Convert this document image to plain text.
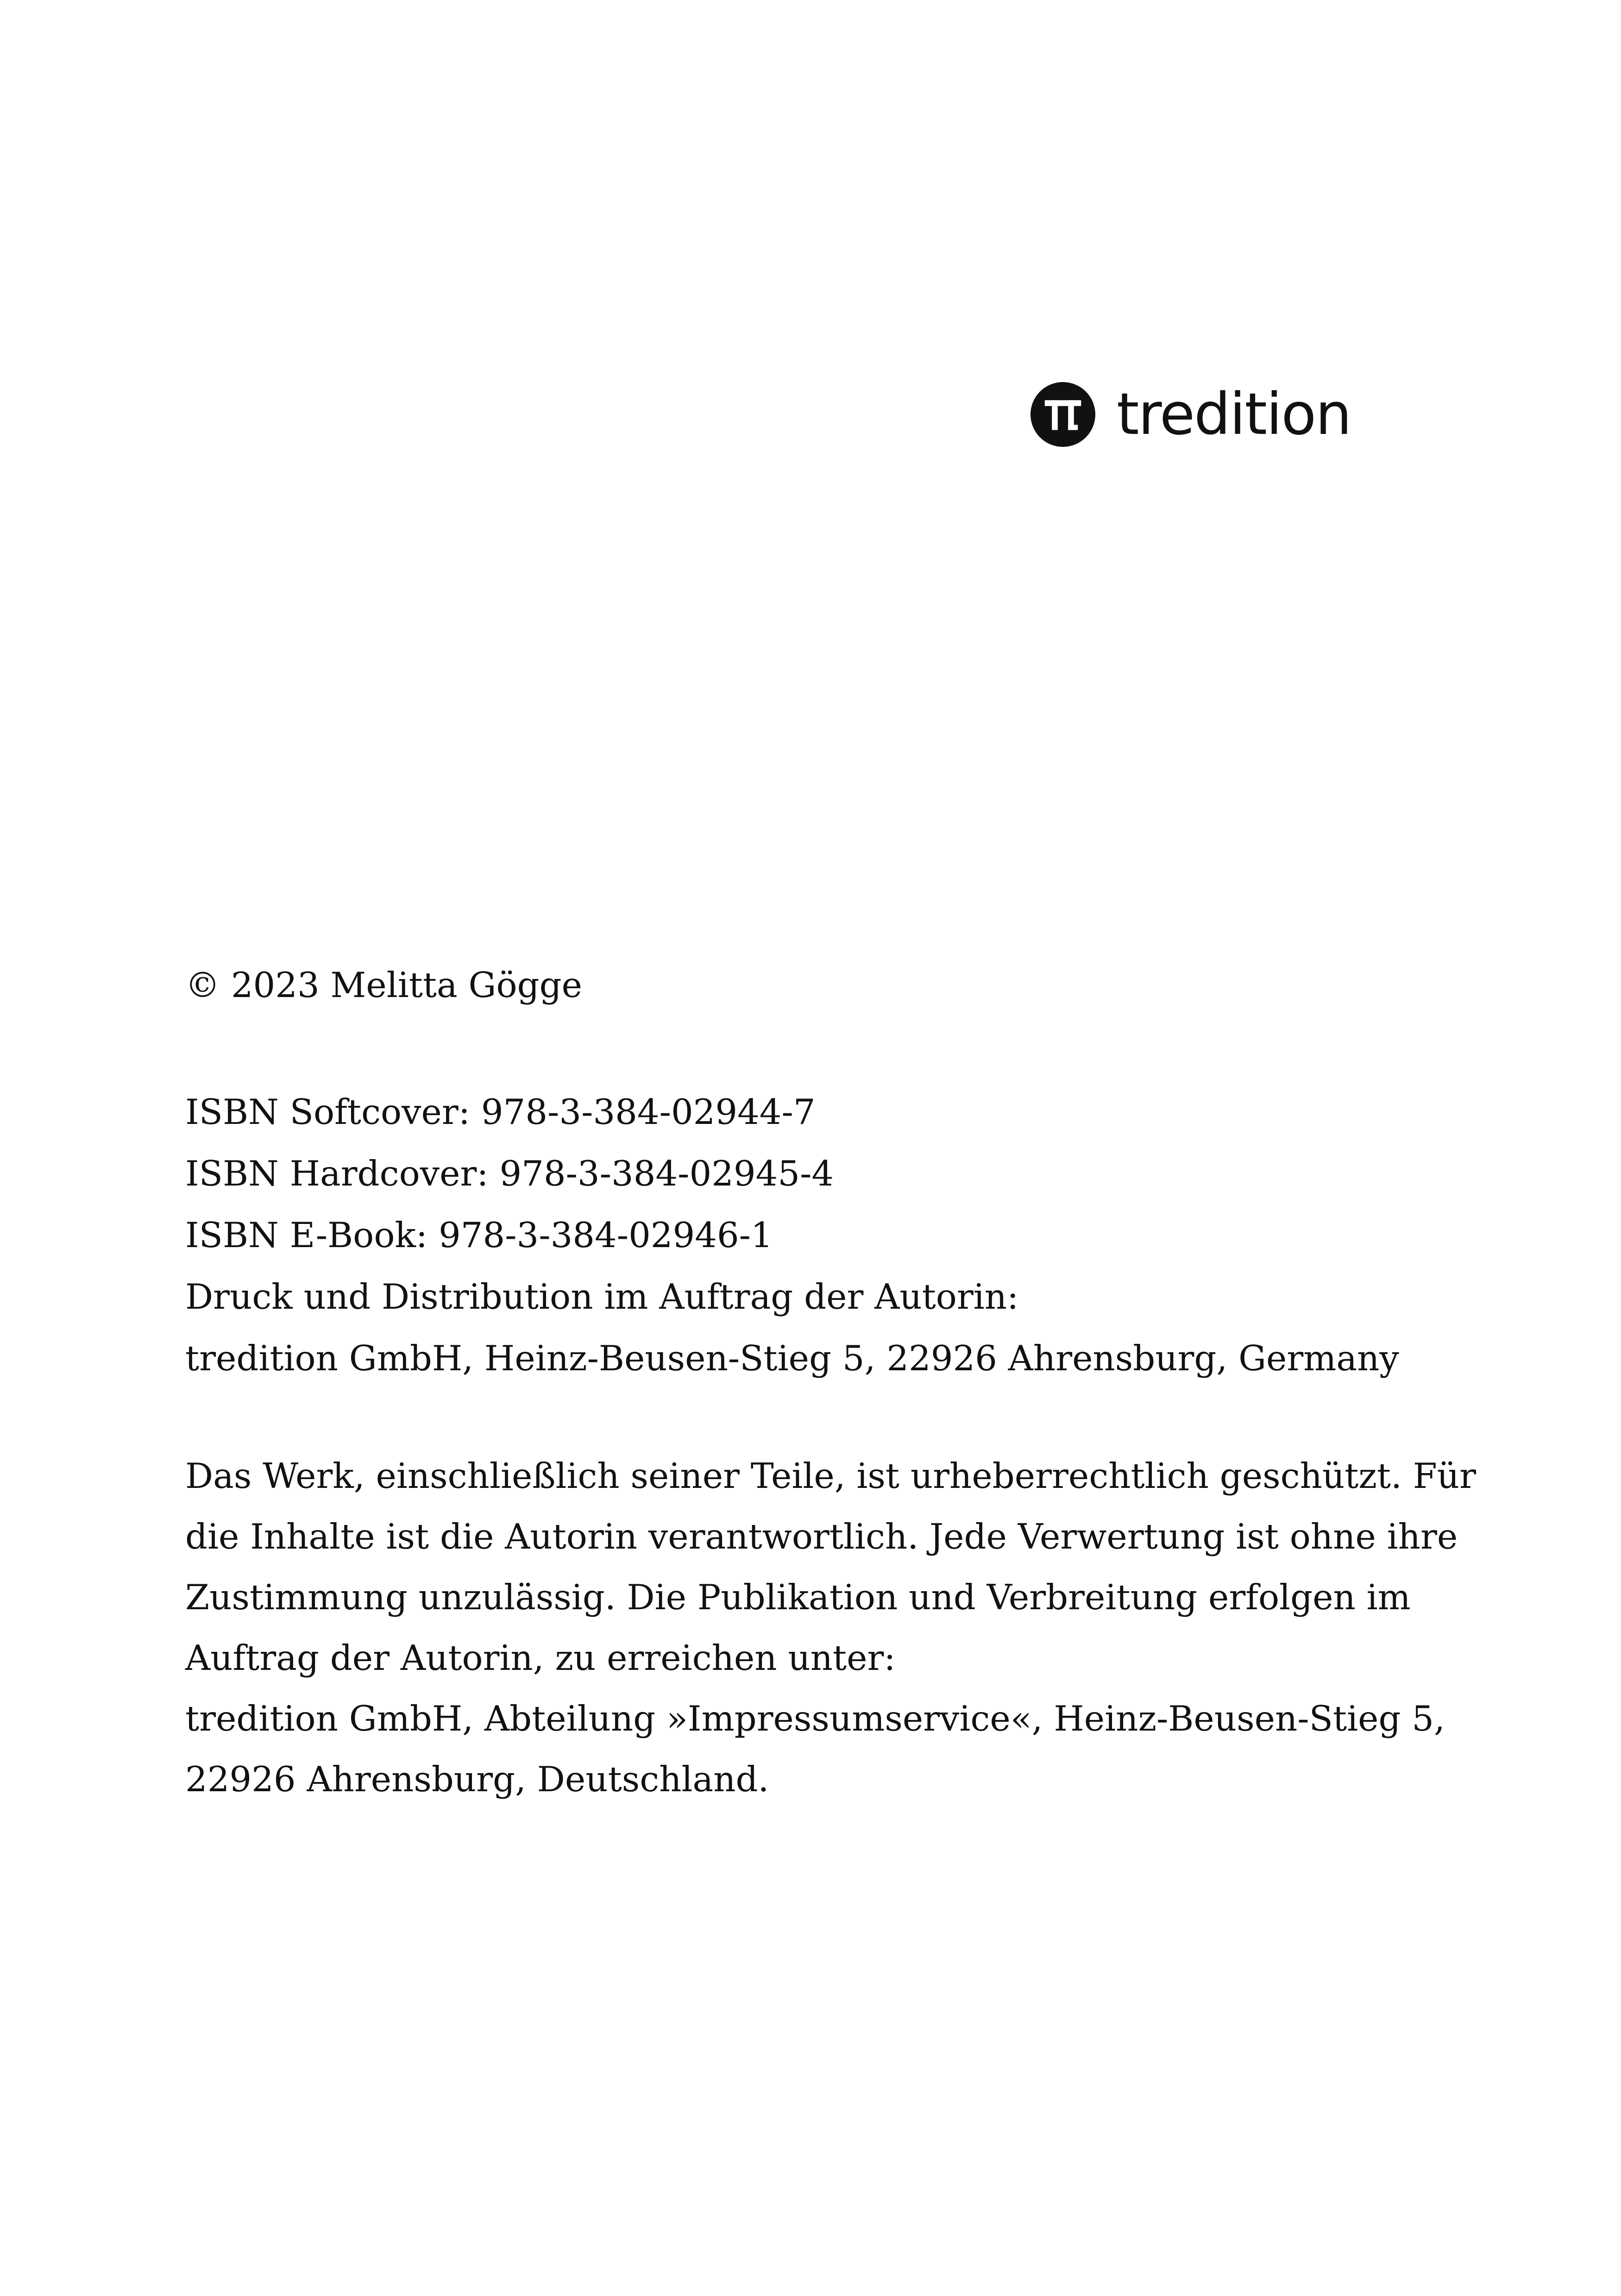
tredition
© 2023 Melitta Gögge
ISBN Softcover: 978-3-384-02944-7
ISBN Hardcover: 978-3-384-02945-4
ISBN E-Book: 978-3-384-02946-1
Druck und Distribution im Auftrag der Autorin:
tredition GmbH, Heinz-Beusen-Stieg 5, 22926 Ahrensburg, Germany
Das Werk, einschließlich seiner Teile, ist urheberrechtlich geschützt. Für
die Inhalte ist die Autorin verantwortlich. Jede Verwertung ist ohne ihre
Zustimmung unzulässig. Die Publikation und Verbreitung erfolgen im
Auftrag der Autorin, zu erreichen unter:
tredition GmbH, Abteilung »Impressumservice«, Heinz-Beusen-Stieg 5,
22926 Ahrensburg, Deutschland.
